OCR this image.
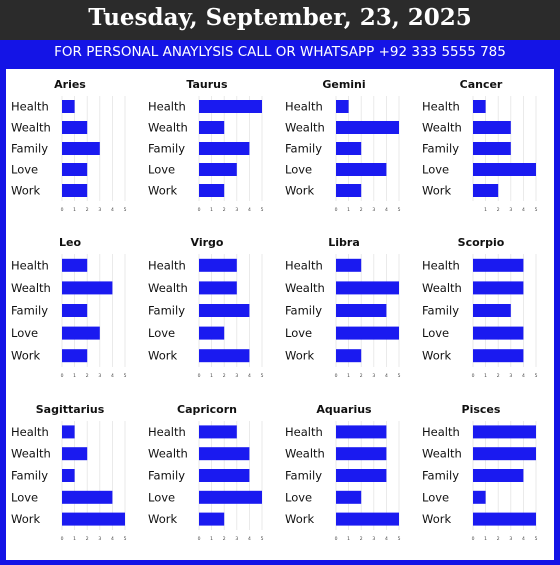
Tuesday, September, 23, 2025
FOR PERSONAL ANAYLYSIS CALL OR WHATSAPP +92 333 5555 785
Aries
Health
Wealth
Family
Love
Work
0 1 2 3 4 5
Taurus
Health
Wealth
Family
Love
Work
0 1 2 3 4 5
Gemini
Health
Wealth
Family
Love
Work
0 1 2 3 4 5
Cancer
Health
Wealth
Family
Love
Work
1 2 3 4 5
Leo
Health
Wealth
Family
Love
Work
0 1 2 3 4 5
Virgo
Health
Wealth
Family
Love
Work
0 1 2 3 4 5
Libra
Health
Wealth
Family
Love
Work
0 1 2 3 4 5
Scorpio
Health
Wealth
Family
Love
Work
0 1 2 3 4 5
Sagittarius
Health
Wealth
Family
Love
Work
0 1 2 3 4 5
Capricorn
Health
Wealth
Family
Love
Work
0 1 2 3 4 5
Aquarius
Health
Wealth
Family
Love
Work
0 1 2 3 4 5
Pisces
Health
Wealth
Family
Love
Work
0 1 2 3 4 5
